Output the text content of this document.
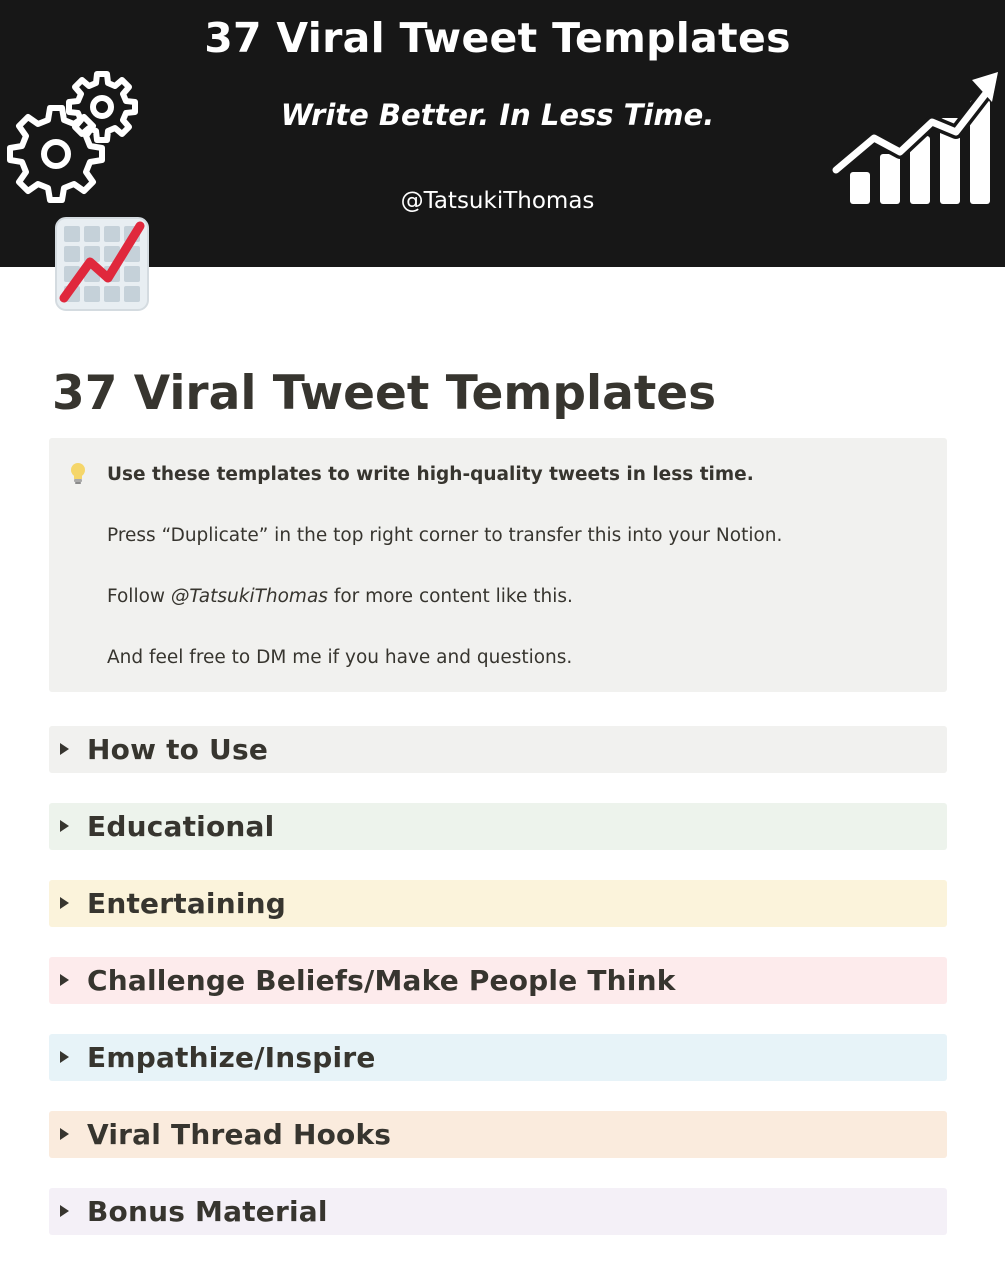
37 Viral Tweet Templates
Write Better. In Less Time.
@TatsukiThomas
37 Viral Tweet Templates
Use these templates to write high-quality tweets in less time.
Press “Duplicate” in the top right corner to transfer this into your Notion.
Follow @TatsukiThomas for more content like this.
And feel free to DM me if you have and questions.
How to Use
Educational
Entertaining
Challenge Beliefs/Make People Think
Empathize/Inspire
Viral Thread Hooks
Bonus Material
